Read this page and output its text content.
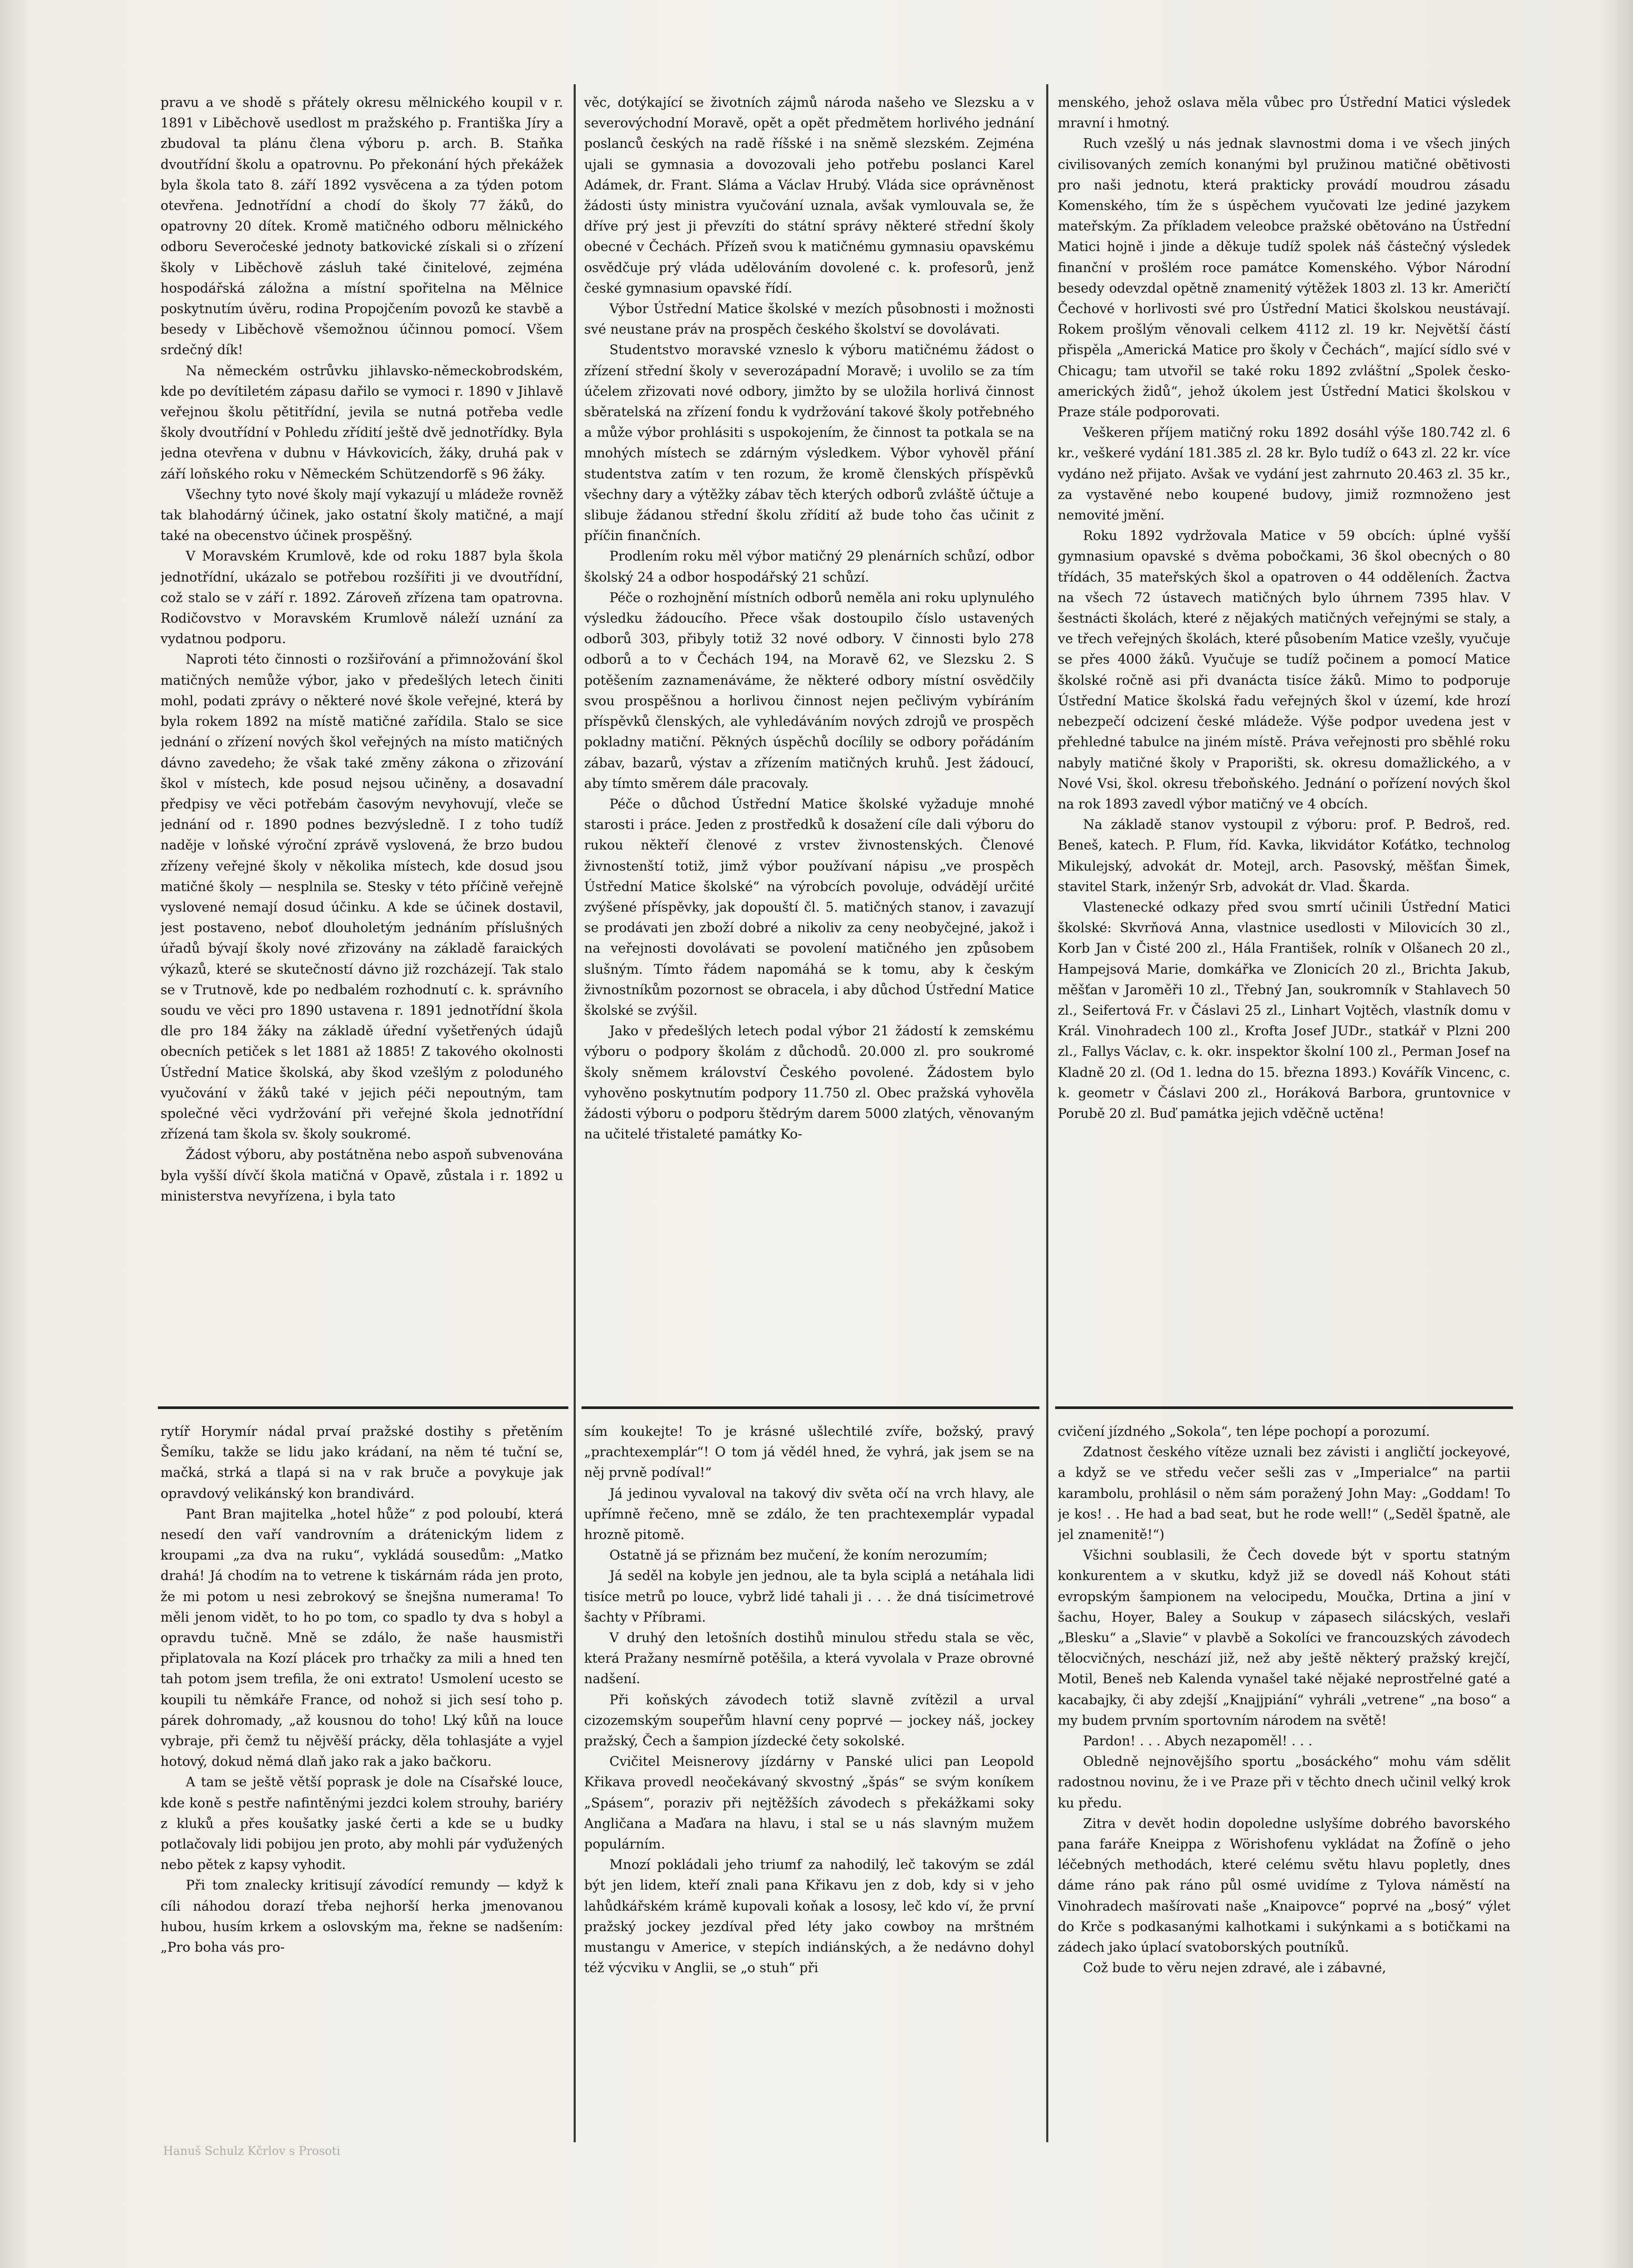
pravu a ve shodě s přátely okresu mělnického koupil v r. 1891 v Liběchově usedlost m pražského p. Františka Jíry a zbudoval ta plánu člena výboru p. arch. B. Staňka dvoutřídní školu a opatrovnu. Po překonání hých překážek byla škola tato 8. září 1892 vysvěcena a za týden potom otevřena. Jednotřídní a chodí do školy 77 žáků, do opatrovny 20 dítek. Kromě matičného odboru mělnického odboru Severočeské jednoty batkovické získali si o zřízení školy v Liběchově zásluh také činitelové, zejména hospodářská záložna a místní spořitelna na Mělnice poskytnutím úvěru, rodina Propojčením povozů ke stavbě a besedy v Liběchově všemožnou účinnou pomocí. Všem srdečný dík!

Na německém ostrůvku jihlavsko-německobrodském, kde po devítiletém zápasu dařilo se vymoci r. 1890 v Jihlavě veřejnou školu pětitřídní, jevila se nutná potřeba vedle školy dvoutřídní v Pohledu zřídití ještě dvě jednotřídky. Byla jedna otevřena v dubnu v Hávkovicích, žáky, druhá pak v září loňského roku v Německém Schützendorfě s 96 žáky.

Všechny tyto nové školy mají vykazují u mládeže rovněž tak blahodárný účinek, jako ostatní školy matičné, a mají také na obecenstvo účinek prospěšný.

V Moravském Krumlově, kde od roku 1887 byla škola jednotřídní, ukázalo se potřebou rozšířiti ji ve dvoutřídní, což stalo se v září r. 1892. Zároveň zřízena tam opatrovna. Rodičovstvo v Moravském Krumlově náleží uznání za vydatnou podporu.

Naproti této činnosti o rozšiřování a přimnožování škol matičných nemůže výbor, jako v předešlých letech činiti mohl, podati zprávy o některé nové škole veřejné, která by byla rokem 1892 na místě matičné zařídila. Stalo se sice jednání o zřízení nových škol veřejných na místo matičných dávno zavedeho; že však také změny zákona o zřizování škol v místech, kde posud nejsou učiněny, a dosavadní předpisy ve věci potřebám časovým nevyhovují, vleče se jednání od r. 1890 podnes bezvýsledně. I z toho tudíž naděje v loňské výroční zprávě vyslovená, že brzo budou zřízeny veřejné školy v několika místech, kde dosud jsou matičné školy — nesplnila se. Stesky v této příčině veřejně vyslovené nemají dosud účinku. A kde se účinek dostavil, jest postaveno, neboť dlouholetým jednáním příslušných úřadů bývají školy nové zřizovány na základě faraických výkazů, které se skutečností dávno již rozcházejí. Tak stalo se v Trutnově, kde po nedbalém rozhodnutí c. k. správního soudu ve věci pro 1890 ustavena r. 1891 jednotřídní škola dle pro 184 žáky na základě úřední vyšetřených údajů obecních petiček s let 1881 až 1885! Z takového okolnosti Ústřední Matice školská, aby škod vzešlým z poloduného vyučování v žáků také v jejich péči nepoutným, tam společné věci vydržování při veřejné škola jednotřídní zřízená tam škola sv. školy soukromé.

Žádost výboru, aby postátněna nebo aspoň subvenována byla vyšší dívčí škola matičná v Opavě, zůstala i r. 1892 u ministerstva nevyřízena, i byla tato

věc, dotýkající se životních zájmů národa našeho ve Slezsku a v severovýchodní Moravě, opět a opět předmětem horlivého jednání poslanců českých na radě říšské i na sněmě slezském. Zejména ujali se gymnasia a dovozovali jeho potřebu poslanci Karel Adámek, dr. Frant. Sláma a Václav Hrubý. Vláda sice oprávněnost žádosti ústy ministra vyučování uznala, avšak vymlouvala se, že dříve prý jest ji převzíti do státní správy některé střední školy obecné v Čechách. Přízeň svou k matičnému gymnasiu opavskému osvědčuje prý vláda udělováním dovolené c. k. profesorů, jenž české gymnasium opavské řídí.

Výbor Ústřední Matice školské v mezích působnosti i možnosti své neustane práv na prospěch českého školství se dovolávati.

Studentstvo moravské vzneslo k výboru matičnému žádost o zřízení střední školy v severozápadní Moravě; i uvolilo se za tím účelem zřizovati nové odbory, jimžto by se uložila horlivá činnost sběratelská na zřízení fondu k vydržování takové školy potřebného a může výbor prohlásiti s uspokojením, že činnost ta potkala se na mnohých místech se zdárným výsledkem. Výbor vyhověl přání studentstva zatím v ten rozum, že kromě členských příspěvků všechny dary a výtěžky zábav těch kterých odborů zvláště účtuje a slibuje žádanou střední školu zřídití až bude toho čas učinit z příčin finančních.

Prodlením roku měl výbor matičný 29 plenárních schůzí, odbor školský 24 a odbor hospodářský 21 schůzí.

Péče o rozhojnění místních odborů neměla ani roku uplynulého výsledku žádoucího. Přece však dostoupilo číslo ustavených odborů 303, přibyly totiž 32 nové odbory. V činnosti bylo 278 odborů a to v Čechách 194, na Moravě 62, ve Slezsku 2. S potěšením zaznamenáváme, že některé odbory místní osvědčily svou prospěšnou a horlivou činnost nejen pečlivým vybíráním příspěvků členských, ale vyhledáváním nových zdrojů ve prospěch pokladny matiční. Pěkných úspěchů docílily se odbory pořádáním zábav, bazarů, výstav a zřízením matičných kruhů. Jest žádoucí, aby tímto směrem dále pracovaly.

Péče o důchod Ústřední Matice školské vyžaduje mnohé starosti i práce. Jeden z prostředků k dosažení cíle dali výboru do rukou někteří členové z vrstev živnostenských. Členové živnostenští totiž, jimž výbor používaní nápisu „ve prospěch Ústřední Matice školské“ na výrobcích povoluje, odvádějí určité zvýšené příspěvky, jak dopouští čl. 5. matičných stanov, i zavazují se prodávati jen zboží dobré a nikoliv za ceny neobyčejné, jakož i na veřejnosti dovolávati se povolení matičného jen způsobem slušným. Tímto řádem napomáhá se k tomu, aby k českým živnostníkům pozornost se obracela, i aby důchod Ústřední Matice školské se zvýšil.

Jako v předešlých letech podal výbor 21 žádostí k zemskému výboru o podpory školám z důchodů. 20.000 zl. pro soukromé školy sněmem království Českého povolené. Žádostem bylo vyhověno poskytnutím podpory 11.750 zl. Obec pražská vyhověla žádosti výboru o podporu štědrým darem 5000 zlatých, věnovaným na učitelé třistaleté památky Ko-

menského, jehož oslava měla vůbec pro Ústřední Matici výsledek mravní i hmotný.

Ruch vzešlý u nás jednak slavnostmi doma i ve všech jiných civilisovaných zemích konanými byl pružinou matičné obětivosti pro naši jednotu, která prakticky provádí moudrou zásadu Komenského, tím že s úspěchem vyučovati lze jediné jazykem mateřským. Za příkladem veleobce pražské obětováno na Ústřední Matici hojně i jinde a děkuje tudíž spolek náš částečný výsledek finanční v prošlém roce památce Komenského. Výbor Národní besedy odevzdal opětně znamenitý výtěžek 1803 zl. 13 kr. Američtí Čechové v horlivosti své pro Ústřední Matici školskou neustávají. Rokem prošlým věnovali celkem 4112 zl. 19 kr. Největší částí přispěla „Americká Matice pro školy v Čechách“, mající sídlo své v Chicagu; tam utvořil se také roku 1892 zvláštní „Spolek česko-amerických židů“, jehož úkolem jest Ústřední Matici školskou v Praze stále podporovati.

Veškeren příjem matičný roku 1892 dosáhl výše 180.742 zl. 6 kr., veškeré vydání 181.385 zl. 28 kr. Bylo tudíž o 643 zl. 22 kr. více vydáno než přijato. Avšak ve vydání jest zahrnuto 20.463 zl. 35 kr., za vystavěné nebo koupené budovy, jimiž rozmnoženo jest nemovité jmění.

Roku 1892 vydržovala Matice v 59 obcích: úplné vyšší gymnasium opavské s dvěma pobočkami, 36 škol obecných o 80 třídách, 35 mateřských škol a opatroven o 44 odděleních. Žactva na všech 72 ústavech matičných bylo úhrnem 7395 hlav. V šestnácti školách, které z nějakých matičných veřejnými se staly, a ve třech veřejných školách, které působením Matice vzešly, vyučuje se přes 4000 žáků. Vyučuje se tudíž počinem a pomocí Matice školské ročně asi při dvanácta tisíce žáků. Mimo to podporuje Ústřední Matice školská řadu veřejných škol v území, kde hrozí nebezpečí odcizení české mládeže. Výše podpor uvedena jest v přehledné tabulce na jiném místě. Práva veřejnosti pro sběhlé roku nabyly matičné školy v Praporišti, sk. okresu domažlického, a v Nové Vsi, škol. okresu třeboňského. Jednání o pořízení nových škol na rok 1893 zavedl výbor matičný ve 4 obcích.

Na základě stanov vystoupil z výboru: prof. P. Bedroš, red. Beneš, katech. P. Flum, říd. Kavka, likvidátor Koťátko, technolog Mikulejský, advokát dr. Motejl, arch. Pasovský, měšťan Šimek, stavitel Stark, inženýr Srb, advokát dr. Vlad. Škarda.

Vlastenecké odkazy před svou smrtí učinili Ústřední Matici školské: Skvrňová Anna, vlastnice usedlosti v Milovicích 30 zl., Korb Jan v Čisté 200 zl., Hála František, rolník v Olšanech 20 zl., Hampejsová Marie, domkářka ve Zlonicích 20 zl., Brichta Jakub, měšťan v Jaroměři 10 zl., Třebný Jan, soukromník v Stahlavech 50 zl., Seifertová Fr. v Čáslavi 25 zl., Linhart Vojtěch, vlastník domu v Král. Vinohradech 100 zl., Krofta Josef JUDr., statkář v Plzni 200 zl., Fallys Václav, c. k. okr. inspektor školní 100 zl., Perman Josef na Kladně 20 zl. (Od 1. ledna do 15. března 1893.) Kovářík Vincenc, c. k. geometr v Čáslavi 200 zl., Horáková Barbora, gruntovnice v Porubě 20 zl. Buď památka jejich vděčně uctěna!

rytíř Horymír nádal prvaí pražské dostihy s přetěním Šemíku, takže se lidu jako krádaní, na něm té tuční se, mačká, strká a tlapá si na v rak bruče a povykuje jak opravdový velikánský kon brandivárd.

Pant Bran majitelka „hotel hůže“ z pod poloubí, která nesedí den vaří vandrovním a drátenickým lidem z kroupami „za dva na ruku“, vykládá sousedům: „Matko drahá! Já chodím na to vetrene k tiskárnám ráda jen proto, že mi potom u nesi zebrokový se šnejšna numerama! To měli jenom vidět, to ho po tom, co spadlo ty dva s hobyl a opravdu tučně. Mně se zdálo, že naše hausmistři připlatovala na Kozí plácek pro trhačky za mili a hned ten tah potom jsem trefila, že oni extrato! Usmolení ucesto se koupili tu němkáře France, od nohož si jich sesí toho p. párek dohromady, „až kousnou do toho! Lký kůň na louce vybraje, při čemž tu nějvěší prácky, děla tohlasjáte a vyjel hotový, dokud němá dlaň jako rak a jako bačkoru.

A tam se ještě větší poprask je dole na Císařské louce, kde koně s pestře nafintěnými jezdci kolem strouhy, bariéry z kluků a přes koušatky jaské čerti a kde se u budky potlačovaly lidi pobijou jen proto, aby mohli pár vyďužených nebo pětek z kapsy vyhodit.

Při tom znalecky kritisují závodící remundy — když k cíli náhodou dorazí třeba nejhorší herka jmenovanou hubou, husím krkem a oslovským ma, řekne se nadšením: „Pro boha vás pro-

sím koukejte! To je krásné ušlechtilé zvíře, božský, pravý „prachtexemplár“! O tom já vědél hned, že vyhrá, jak jsem se na něj prvně podíval!“

Já jedinou vyvaloval na takový div světa očí na vrch hlavy, ale upřímně řečeno, mně se zdálo, že ten prachtexemplár vypadal hrozně pitomě.

Ostatně já se přiznám bez mučení, že koním nerozumím;

Já seděl na kobyle jen jednou, ale ta byla sciplá a netáhala lidi tisíce metrů po louce, vybrž lidé tahali ji . . . že dná tisícimetrové šachty v Příbrami.

V druhý den letošních dostihů minulou středu stala se věc, která Pražany nesmírně potěšila, a která vyvolala v Praze obrovné nadšení.

Při koňských závodech totiž slavně zvítězil a urval cizozemským soupeřům hlavní ceny poprvé — jockey náš, jockey pražský, Čech a šampion jízdecké čety sokolské.

Cvičitel Meisnerovy jízdárny v Panské ulici pan Leopold Křikava provedl neočekávaný skvostný „špás“ se svým koníkem „Spásem“, poraziv při nejtěžších závodech s překážkami soky Angličana a Maďara na hlavu, i stal se u nás slavným mužem populárním.

Mnozí pokládali jeho triumf za nahodilý, leč takovým se zdál být jen lidem, kteří znali pana Křikavu jen z dob, kdy si v jeho lahůdkářském krámě kupovali koňak a lososy, leč kdo ví, že první pražský jockey jezdíval před léty jako cowboy na mrštném mustangu v Americe, v stepích indiánských, a že nedávno dohyl též výcviku v Anglii, se „o stuh“ při

cvičení jízdného „Sokola“, ten lépe pochopí a porozumí.

Zdatnost českého vítěze uznali bez závisti i angličtí jockeyové, a když se ve středu večer sešli zas v „Imperialce“ na partii karambolu, prohlásil o něm sám poražený John May: „Goddam! To je kos! . . He had a bad seat, but he rode well!“ („Seděl špatně, ale jel znamenitě!“)

Všichni soublasili, že Čech dovede být v sportu statným konkurentem a v skutku, když již se dovedl náš Kohout státi evropským šampionem na velocipedu, Moučka, Drtina a jiní v šachu, Hoyer, Baley a Soukup v zápasech silácských, veslaři „Blesku“ a „Slavie“ v plavbě a Sokolíci ve francouzských závodech tělocvičných, neschází již, než aby ještě některý pražský krejčí, Motil, Beneš neb Kalenda vynašel také nějaké neprostřelné gaté a kacabajky, či aby zdejší „Knajjpiání“ vyhráli „vetrene“ „na boso“ a my budem prvním sportovním národem na světě!

Pardon! . . . Abych nezapoměl! . . .

Obledně nejnovějšího sportu „bosáckého“ mohu vám sdělit radostnou novinu, že i ve Praze při v těchto dnech učinil velký krok ku předu.

Zitra v devět hodin dopoledne uslyšíme dobrého bavorského pana faráře Kneippa z Wörishofenu vykládat na Žofíně o jeho léčebných methodách, které celému světu hlavu popletly, dnes dáme ráno pak ráno půl osmé uvidíme z Tylova náměstí na Vinohradech mašírovati naše „Knaipovce“ poprvé na „bosý“ výlet do Krče s podkasanými kalhotkami i sukýnkami a s botičkami na zádech jako úplací svatoborských poutníků.

Což bude to věru nejen zdravé, ale i zábavné,

Hanuš Schulz Kčrlov s Prosoti
